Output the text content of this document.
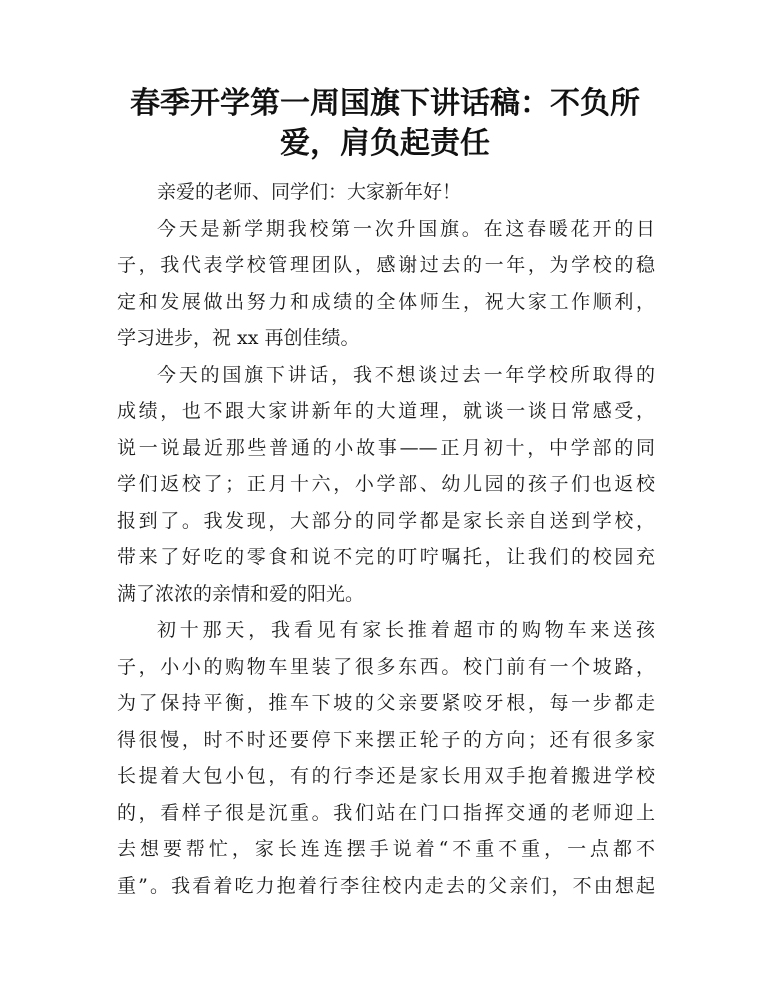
春季开学第一周国旗下讲话稿：不负所
爱，肩负起责任
亲爱的老师、同学们：大家新年好！
今天是新学期我校第一次升国旗。在这春暖花开的日
子，我代表学校管理团队，感谢过去的一年，为学校的稳
定和发展做出努力和成绩的全体师生，祝大家工作顺利，
学习进步，祝 xx 再创佳绩。
今天的国旗下讲话，我不想谈过去一年学校所取得的
成绩，也不跟大家讲新年的大道理，就谈一谈日常感受，
说一说最近那些普通的小故事——正月初十，中学部的同
学们返校了；正月十六，小学部、幼儿园的孩子们也返校
报到了。我发现，大部分的同学都是家长亲自送到学校，
带来了好吃的零食和说不完的叮咛嘱托，让我们的校园充
满了浓浓的亲情和爱的阳光。
初十那天，我看见有家长推着超市的购物车来送孩
子，小小的购物车里装了很多东西。校门前有一个坡路，
为了保持平衡，推车下坡的父亲要紧咬牙根，每一步都走
得很慢，时不时还要停下来摆正轮子的方向；还有很多家
长提着大包小包，有的行李还是家长用双手抱着搬进学校
的，看样子很是沉重。我们站在门口指挥交通的老师迎上
去想要帮忙，家长连连摆手说着“不重不重，一点都不
重”。我看着吃力抱着行李往校内走去的父亲们，不由想起
